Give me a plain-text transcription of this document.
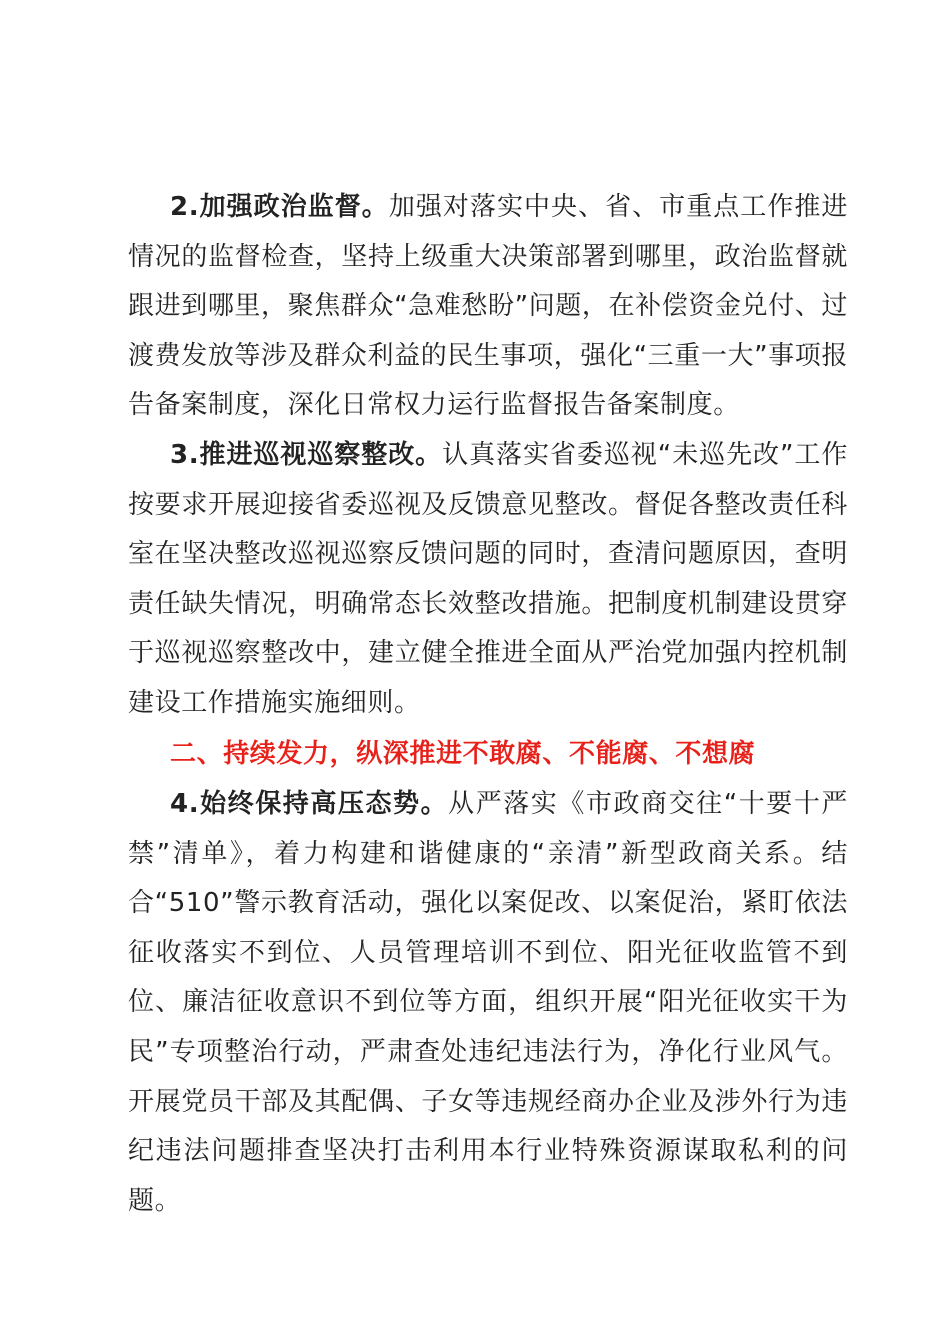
2.加强政治监督。加强对落实中央、省、市重点工作推进情况的监督检查，坚持上级重大决策部署到哪里，政治监督就跟进到哪里，聚焦群众“急难愁盼”问题，在补偿资金兑付、过渡费发放等涉及群众利益的民生事项，强化“三重一大”事项报告备案制度，深化日常权力运行监督报告备案制度。

3.推进巡视巡察整改。认真落实省委巡视“未巡先改”工作按要求开展迎接省委巡视及反馈意见整改。督促各整改责任科室在坚决整改巡视巡察反馈问题的同时，查清问题原因，查明责任缺失情况，明确常态长效整改措施。把制度机制建设贯穿于巡视巡察整改中，建立健全推进全面从严治党加强内控机制建设工作措施实施细则。

二、持续发力，纵深推进不敢腐、不能腐、不想腐

4.始终保持高压态势。从严落实《市政商交往“十要十严禁”清单》，着力构建和谐健康的“亲清”新型政商关系。结合“510”警示教育活动，强化以案促改、以案促治，紧盯依法征收落实不到位、人员管理培训不到位、阳光征收监管不到位、廉洁征收意识不到位等方面，组织开展“阳光征收实干为民”专项整治行动，严肃查处违纪违法行为，净化行业风气。开展党员干部及其配偶、子女等违规经商办企业及涉外行为违纪违法问题排查坚决打击利用本行业特殊资源谋取私利的问题。
